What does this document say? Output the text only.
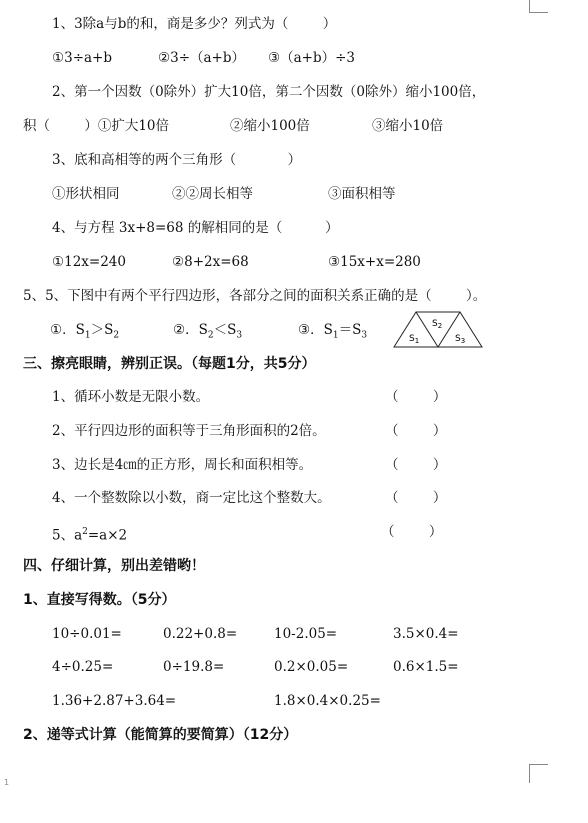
1、3除a与b的和，商是多少？列式为（        ）
①3÷a+b	②3÷（a+b） ③（a+b）÷3
2、第一个因数（0除外）扩大10倍，第二个因数（0除外）缩小100倍，
积（        ）①扩大10倍	②缩小100倍	③缩小10倍
3、底和高相等的两个三角形（            ）
①形状相同	②②周长相等	③面积相等
4、与方程 3x+8=68 的解相同的是（          ）
①12x=240	②8+2x=68	③15x+x=280
5、5、下图中有两个平行四边形，各部分之间的面积关系正确的是（        ）。
①．$S_1>S_2$	②．$S_2<S_3$	③．$S_1=S_3$
$S_2$
$S_1$	$S_3$
三、擦亮眼睛，辨别正误。（每题1分，共5分）
1、循环小数是无限小数。	（        ）
2、平行四边形的面积等于三角形面积的2倍。	（        ）
3、边长是4㎝的正方形，周长和面积相等。	（        ）
4、一个整数除以小数，商一定比这个整数大。	（        ）
5、$a^2=a\times 2$	（        ）
四、仔细计算，别出差错哟！
1、直接写得数。（5分）
10÷0.01=	0.22+0.8=	10-2.05=	3.5×0.4=
4÷0.25=	0÷19.8=	0.2×0.05=	0.6×1.5=
1.36+2.87+3.64=	1.8×0.4×0.25=
2、递等式计算（能简算的要简算）（12分）
1
